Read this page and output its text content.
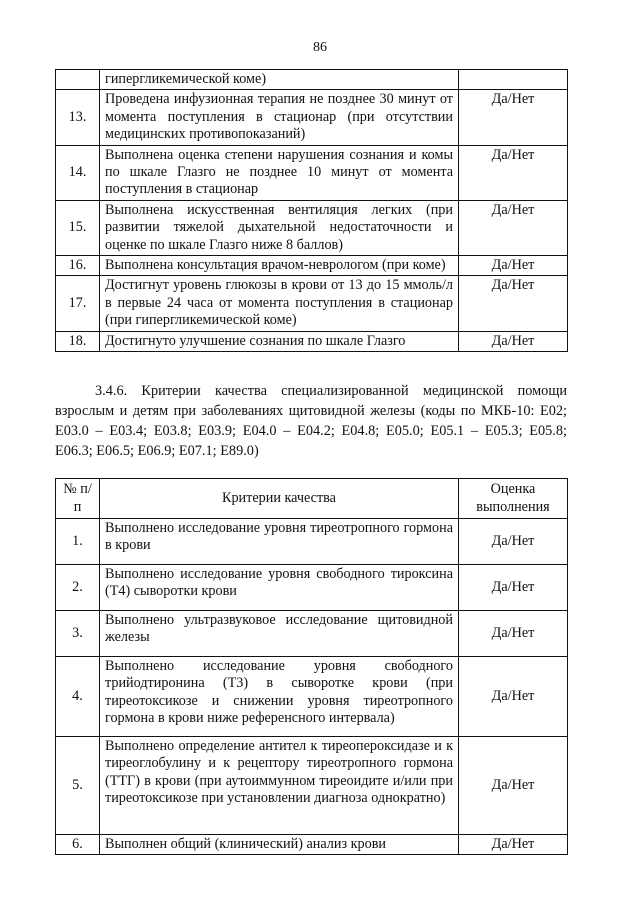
86
	гипергликемической коме)	
13.	Проведена инфузионная терапия не позднее 30 минут от момента поступления в стационар (при отсутствии медицинских противопоказаний)	Да/Нет
14.	Выполнена оценка степени нарушения сознания и комы по шкале Глазго не позднее 10 минут от момента поступления в стационар	Да/Нет
15.	Выполнена искусственная вентиляция легких (при развитии тяжелой дыхательной недостаточности и оценке по шкале Глазго ниже 8 баллов)	Да/Нет
16.	Выполнена консультация врачом-неврологом (при коме)	Да/Нет
17.	Достигнут уровень глюкозы в крови от 13 до 15 ммоль/л в первые 24 часа от момента поступления в стационар (при гипергликемической коме)	Да/Нет
18.	Достигнуто улучшение сознания по шкале Глазго	Да/Нет

3.4.6. Критерии качества специализированной медицинской помощи взрослым и детям при заболеваниях щитовидной железы (коды по МКБ-10: E02; E03.0 – E03.4; E03.8; E03.9; E04.0 – E04.2; E04.8; E05.0; E05.1 – E05.3; E05.8; E06.3; E06.5; E06.9; E07.1; E89.0)

№ п/п	Критерии качества	Оценка выполнения
1.	Выполнено исследование уровня тиреотропного гормона в крови	Да/Нет
2.	Выполнено исследование уровня свободного тироксина (Т4) сыворотки крови	Да/Нет
3.	Выполнено ультразвуковое исследование щитовидной железы	Да/Нет
4.	Выполнено исследование уровня свободного трийодтиронина (Т3) в сыворотке крови (при тиреотоксикозе и снижении уровня тиреотропного гормона в крови ниже референсного интервала)	Да/Нет
5.	Выполнено определение антител к тиреопероксидазе и к тиреоглобулину и к рецептору тиреотропного гормона (ТТГ) в крови (при аутоиммунном тиреоидите и/или при тиреотоксикозе при установлении диагноза однократно)	Да/Нет
6.	Выполнен общий (клинический) анализ крови	Да/Нет
